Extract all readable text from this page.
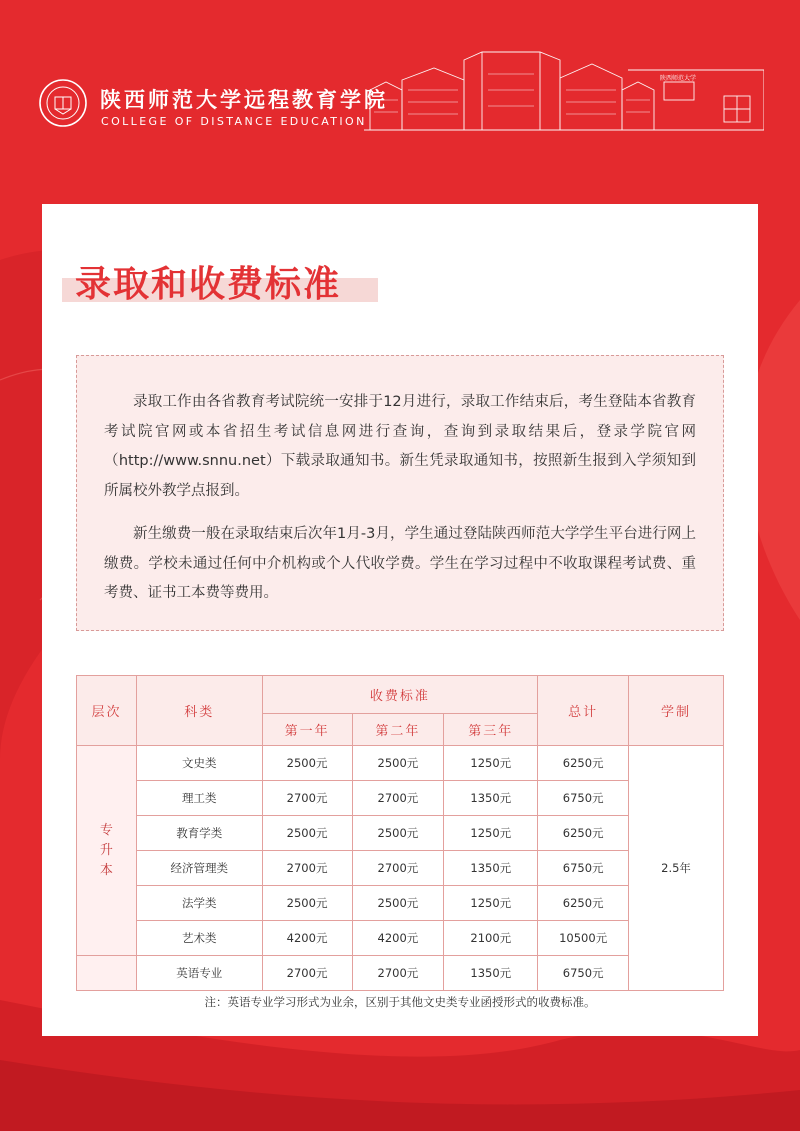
陕西师范大学远程教育学院
COLLEGE OF DISTANCE EDUCATION
陕西师范大学
录取和收费标准

录取工作由各省教育考试院统一安排于12月进行，录取工作结束后，考生登陆本省教育考试院官网或本省招生考试信息网进行查询，查询到录取结果后，登录学院官网（http://www.snnu.net）下载录取通知书。新生凭录取通知书，按照新生报到入学须知到所属校外教学点报到。

新生缴费一般在录取结束后次年1月-3月，学生通过登陆陕西师范大学学生平台进行网上缴费。学校未通过任何中介机构或个人代收学费。学生在学习过程中不收取课程考试费、重考费、证书工本费等费用。

层次	科类	收费标准			总计	学制
		第一年	第二年	第三年		
专升本	文史类	2500元	2500元	1250元	6250元	2.5年
	理工类	2700元	2700元	1350元	6750元	
	教育学类	2500元	2500元	1250元	6250元	
	经济管理类	2700元	2700元	1350元	6750元	
	法学类	2500元	2500元	1250元	6250元	
	艺术类	4200元	4200元	2100元	10500元	
	英语专业	2700元	2700元	1350元	6750元	
注：英语专业学习形式为业余，区别于其他文史类专业函授形式的收费标准。
